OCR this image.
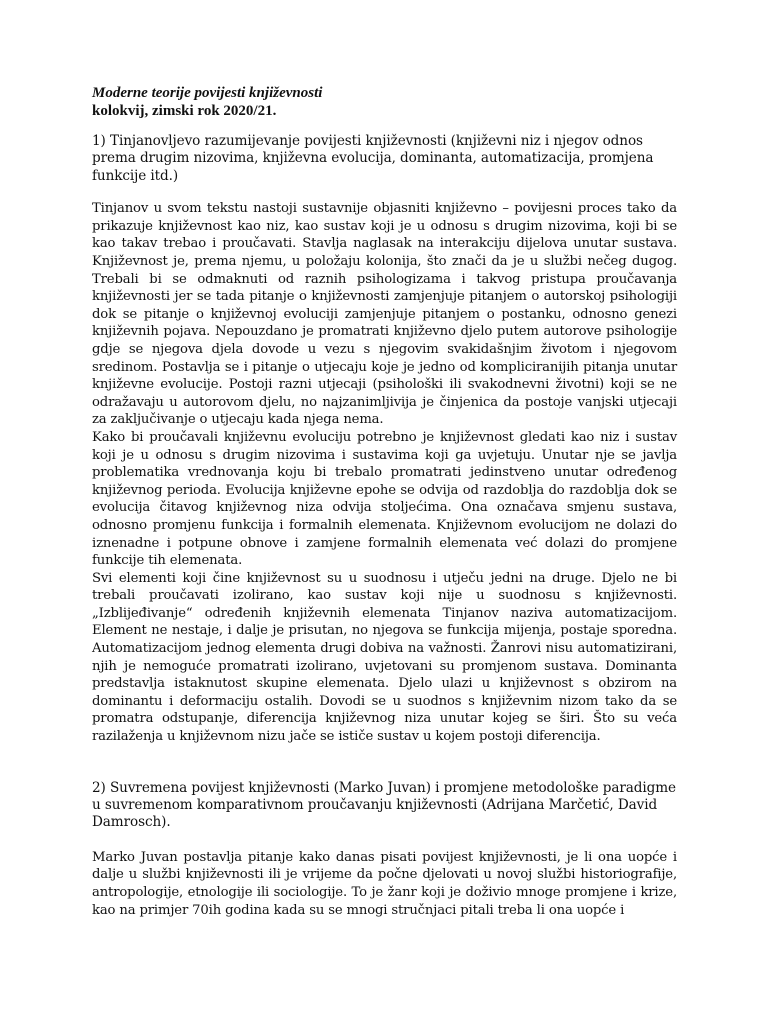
Moderne teorije povijesti književnosti

kolokvij, zimski rok 2020/21.

1) Tinjanovljevo razumijevanje povijesti književnosti (književni niz i njegov odnos prema drugim nizovima, književna evolucija, dominanta, automatizacija, promjena funkcije itd.)

Tinjanov u svom tekstu nastoji sustavnije objasniti književno – povijesni proces tako da prikazuje književnost kao niz, kao sustav koji je u odnosu s drugim nizovima, koji bi se kao takav trebao i proučavati. Stavlja naglasak na interakciju dijelova unutar sustava. Književnost je, prema njemu, u položaju kolonija, što znači da je u službi nečeg dugog. Trebali bi se odmaknuti od raznih psihologizama i takvog pristupa proučavanja književnosti jer se tada pitanje o književnosti zamjenjuje pitanjem o autorskoj psihologiji dok se pitanje o književnoj evoluciji zamjenjuje pitanjem o postanku, odnosno genezi književnih pojava. Nepouzdano je promatrati književno djelo putem autorove psihologije gdje se njegova djela dovode u vezu s njegovim svakidašnjim životom i njegovom sredinom. Postavlja se i pitanje o utjecaju koje je jedno od kompliciranijih pitanja unutar književne evolucije. Postoji razni utjecaji (psihološki ili svakodnevni životni) koji se ne odražavaju u autorovom djelu, no najzanimljivija je činjenica da postoje vanjski utjecaji za zaključivanje o utjecaju kada njega nema.

Kako bi proučavali književnu evoluciju potrebno je književnost gledati kao niz i sustav koji je u odnosu s drugim nizovima i sustavima koji ga uvjetuju. Unutar nje se javlja problematika vrednovanja koju bi trebalo promatrati jedinstveno unutar određenog književnog perioda. Evolucija književne epohe se odvija od razdoblja do razdoblja dok se evolucija čitavog književnog niza odvija stoljećima. Ona označava smjenu sustava, odnosno promjenu funkcija i formalnih elemenata. Književnom evolucijom ne dolazi do iznenadne i potpune obnove i zamjene formalnih elemenata već dolazi do promjene funkcije tih elemenata.

Svi elementi koji čine književnost su u suodnosu i utječu jedni na druge. Djelo ne bi trebali proučavati izolirano, kao sustav koji nije u suodnosu s književnosti. „Izblijeđivanje“ određenih književnih elemenata Tinjanov naziva automatizacijom. Element ne nestaje, i dalje je prisutan, no njegova se funkcija mijenja, postaje sporedna. Automatizacijom jednog elementa drugi dobiva na važnosti. Žanrovi nisu automatizirani, njih je nemoguće promatrati izolirano, uvjetovani su promjenom sustava. Dominanta predstavlja istaknutost skupine elemenata. Djelo ulazi u književnost s obzirom na dominantu i deformaciju ostalih. Dovodi se u suodnos s književnim nizom tako da se promatra odstupanje, diferencija književnog niza unutar kojeg se širi. Što su veća razilaženja u književnom nizu jače se ističe sustav u kojem postoji diferencija.

2) Suvremena povijest književnosti (Marko Juvan) i promjene metodološke paradigme u suvremenom komparativnom proučavanju književnosti (Adrijana Marčetić, David Damrosch).

Marko Juvan postavlja pitanje kako danas pisati povijest književnosti, je li ona uopće i dalje u službi književnosti ili je vrijeme da počne djelovati u novoj službi historiografije, antropologije, etnologije ili sociologije. To je žanr koji je doživio mnoge promjene i krize, kao na primjer 70ih godina kada su se mnogi stručnjaci pitali treba li ona uopće i
